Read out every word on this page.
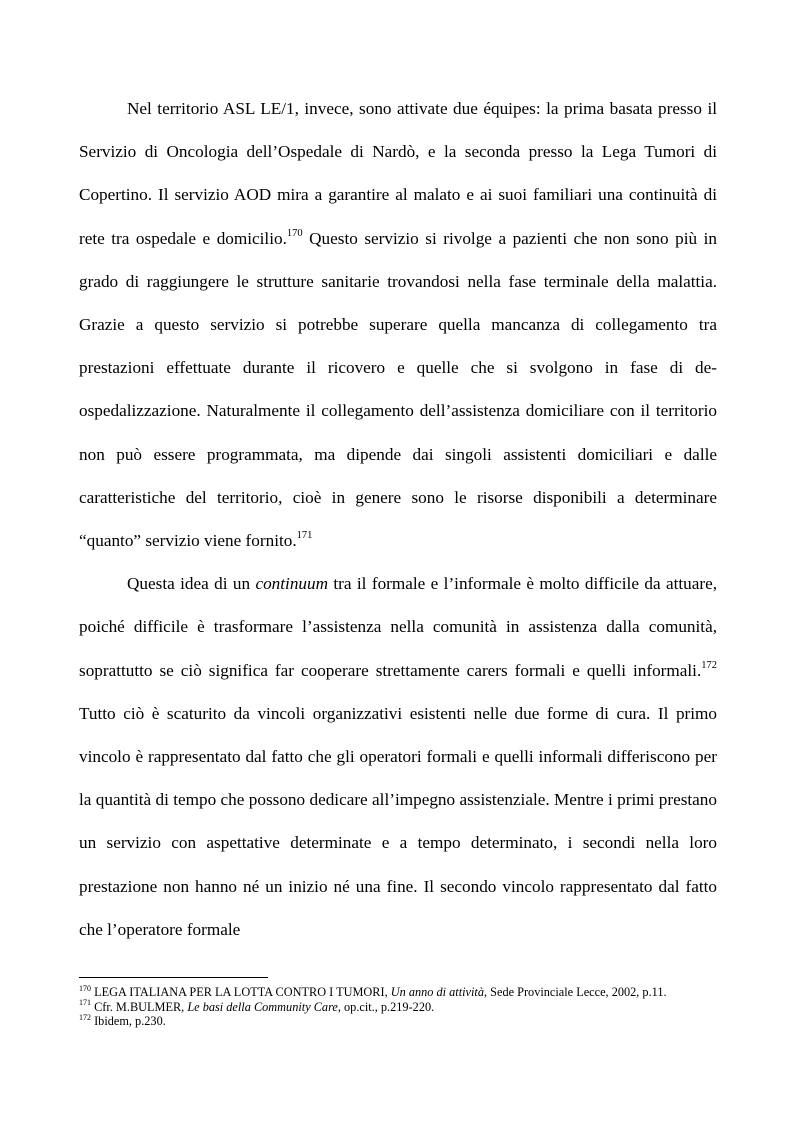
Nel territorio ASL LE/1, invece, sono attivate due équipes: la prima basata presso il Servizio di Oncologia dell’Ospedale di Nardò, e la seconda presso la Lega Tumori di Copertino. Il servizio AOD mira a garantire al malato e ai suoi familiari una continuità di rete tra ospedale e domicilio.$^{170}$ Questo servizio si rivolge a pazienti che non sono più in grado di raggiungere le strutture sanitarie trovandosi nella fase terminale della malattia. Grazie a questo servizio si potrebbe superare quella mancanza di collegamento tra prestazioni effettuate durante il ricovero e quelle che si svolgono in fase di de-ospedalizzazione. Naturalmente il collegamento dell’assistenza domiciliare con il territorio non può essere programmata, ma dipende dai singoli assistenti domiciliari e dalle caratteristiche del territorio, cioè in genere sono le risorse disponibili a determinare “quanto” servizio viene fornito.$^{171}$

Questa idea di un continuum tra il formale e l’informale è molto difficile da attuare, poiché difficile è trasformare l’assistenza nella comunità in assistenza dalla comunità, soprattutto se ciò significa far cooperare strettamente carers formali e quelli informali.$^{172}$ Tutto ciò è scaturito da vincoli organizzativi esistenti nelle due forme di cura. Il primo vincolo è rappresentato dal fatto che gli operatori formali e quelli informali differiscono per la quantità di tempo che possono dedicare all’impegno assistenziale. Mentre i primi prestano un servizio con aspettative determinate e a tempo determinato, i secondi nella loro prestazione non hanno né un inizio né una fine. Il secondo vincolo rappresentato dal fatto che l’operatore formale

$^{170}$ LEGA ITALIANA PER LA LOTTA CONTRO I TUMORI, Un anno di attività, Sede Provinciale Lecce, 2002, p.11.

$^{171}$ Cfr. M.BULMER, Le basi della Community Care, op.cit., p.219-220.

$^{172}$ Ibidem, p.230.
